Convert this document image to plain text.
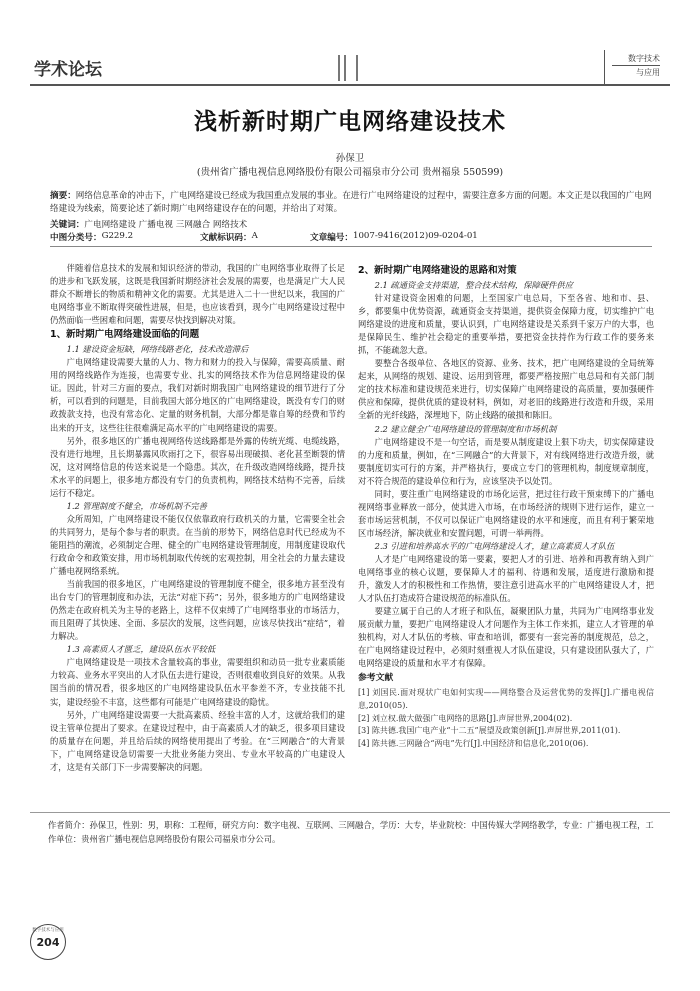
学术论坛
数字技术
与应用
浅析新时期广电网络建设技术
孙保卫
(贵州省广播电视信息网络股份有限公司福泉市分公司 贵州福泉 550599)
摘要：网络信息革命的冲击下，广电网络建设已经成为我国重点发展的事业。在进行广电网络建设的过程中，需要注意多方面的问题。本文正是以我国的广电网络建设为线索，简要论述了新时期广电网络建设存在的问题，并给出了对策。
关键词：广电网络建设 广播电视 三网融合 网络技术
中图分类号： G229.2	文献标识码： A	文章编号： 1007-9416(2012)09-0204-01

伴随着信息技术的发展和知识经济的带动，我国的广电网络事业取得了长足的进步和飞跃发展，这既是我国新时期经济社会发展的需要，也是满足广大人民群众不断增长的物质和精神文化的需要。尤其是进入二十一世纪以来，我国的广电网络事业不断取得突破性进展，但是，也应该看到，现今广电网络建设过程中仍然面临一些困难和问题，需要尽快找到解决对策。

1、新时期广电网络建设面临的问题
1.1 建设资金短缺，网络线路老化，技术改造滞后

广电网络建设需要大量的人力、物力和财力的投入与保障，需要高质量、耐用的网络线路作为连接，也需要专业、扎实的网络技术作为信息网络建设的保证。因此，针对三方面的要点，我们对新时期我国广电网络建设的细节进行了分析，可以看到的问题是，目前我国大部分地区的广电网络建设，既没有专门的财政拨款支持，也没有常态化、定量的财务机制，大部分都是靠自筹的经费和节约出来的开支，这些往往很难满足高水平的广电网络建设的需要。

另外，很多地区的广播电视网络传送线路都是外露的传统光缆、电缆线路，没有进行地埋，且长期暴露风吹雨打之下，很容易出现破损、老化甚至断裂的情况，这对网络信息的传送来说是一个隐患。其次，在升级改造网络线路，提升技术水平的问题上，很多地方都没有专门的负责机构，网络技术结构不完善，后续运行不稳定。

1.2 管理制度不健全，市场机制不完善

众所周知，广电网络建设不能仅仅依靠政府行政机关的力量，它需要全社会的共同努力，是每个参与者的职责。在当前的形势下，网络信息时代已经成为不能阻挡的潮流，必须制定合理、健全的广电网络建设管理制度，用制度建设取代行政命令和政策安排，用市场机制取代传统的宏观控制，用全社会的力量去建设广播电视网络系统。

当前我国的很多地区，广电网络建设的管理制度不健全，很多地方甚至没有出台专门的管理制度和办法，无法“对症下药”；另外，很多地方的广电网络建设仍然走在政府机关为主导的老路上，这样不仅束缚了广电网络事业的市场活力，而且阻碍了其快速、全面、多层次的发展，这些问题，应该尽快找出“症结”，着力解决。

1.3 高素质人才匮乏，建设队伍水平较低

广电网络建设是一项技术含量较高的事业，需要组织和动员一批专业素质能力较高、业务水平突出的人才队伍去进行建设，否则很难收到良好的效果。从我国当前的情况看，很多地区的广电网络建设队伍水平参差不齐，专业技能不扎实，建设经验不丰富，这些都有可能是广电网络建设的隐忧。

另外，广电网络建设需要一大批高素质、经验丰富的人才，这就给我们的建设主管单位提出了要求。在建设过程中，由于高素质人才的缺乏，很多项目建设的质量存在问题，并且给后续的网络使用提出了考验。在“三网融合”的大背景下，广电网络建设急切需要一大批业务能力突出、专业水平较高的广电建设人才，这是有关部门下一步需要解决的问题。

2、新时期广电网络建设的思路和对策
2.1 疏通资金支持渠道，整合技术结构，保障硬件供应

针对建设资金困难的问题，上至国家广电总局，下至各省、地和市、县、乡，都要集中优势资源，疏通资金支持渠道，提供资金保障力度，切实维护广电网络建设的进度和质量，要认识到，广电网络建设是关系到千家万户的大事，也是保障民生、维护社会稳定的重要举措，要把资金扶持作为行政工作的要务来抓，不能疏忽大意。

要整合各级单位、各地区的资源、业务、技术，把广电网络建设的全局统筹起来，从网络的规划、建设、运用到管理，都要严格按照广电总局和有关部门制定的技术标准和建设规范来进行，切实保障广电网络建设的高质量，要加强硬件供应和保障，提供优质的建设材料，例如，对老旧的线路进行改造和升级，采用全新的光纤线路，深埋地下，防止线路的破损和陈旧。

2.2 建立健全广电网络建设的管理制度和市场机制

广电网络建设不是一句空话，而是要从制度建设上狠下功夫，切实保障建设的力度和质量，例如，在“三网融合”的大背景下，对有线网络进行改造升级，就要制度切实可行的方案，并严格执行，要成立专门的管理机构，制度规章制度，对不符合规范的建设单位和行为，应该坚决予以处罚。

同时，要注重广电网络建设的市场化运营，把过往行政干预束缚下的广播电视网络事业释放一部分，使其进入市场，在市场经济的规则下进行运作，建立一套市场运营机制，不仅可以保证广电网络建设的水平和速度，而且有利于繁荣地区市场经济，解决就业和安置问题，可谓一举两得。

2.3 引进和培养高水平的广电网络建设人才，建立高素质人才队伍

人才是广电网络建设的第一要素，要把人才的引进、培养和再教育纳入到广电网络事业的核心议题，要保障人才的福利、待遇和发展，适度进行激励和提升，激发人才的积极性和工作热情，要注意引进高水平的广电网络建设人才，把人才队伍打造成符合建设规范的标准队伍。

要建立属于自己的人才班子和队伍，凝聚团队力量，共同为广电网络事业发展贡献力量，要把广电网络建设人才问题作为主体工作来抓，建立人才管理的单独机构，对人才队伍的考核、审查和培训，都要有一套完善的制度规范，总之，在广电网络建设过程中，必须时刻重视人才队伍建设，只有建设团队强大了，广电网络建设的质量和水平才有保障。

参考文献
[1] 刘国民.面对现状广电如何实现——网络整合及运营优势的发挥[J].广播电视信息,2010(05).
[2] 刘立权.做大做强广电网络的思路[J].声屏世界,2004(02).
[3] 陈共德.我国广电产业“十二五”展望及政策创新[J].声屏世界,2011(01).
[4] 陈共德.三网融合“两电”先行[J].中国经济和信息化,2010(06).
作者简介：孙保卫，性别：男，职称：工程师，研究方向：数字电视、互联网、三网融合，学历：大专，毕业院校：中国传媒大学网络教学，专业：广播电视工程，工作单位：贵州省广播电视信息网络股份有限公司福泉市分公司。
数字技术与应用
204
